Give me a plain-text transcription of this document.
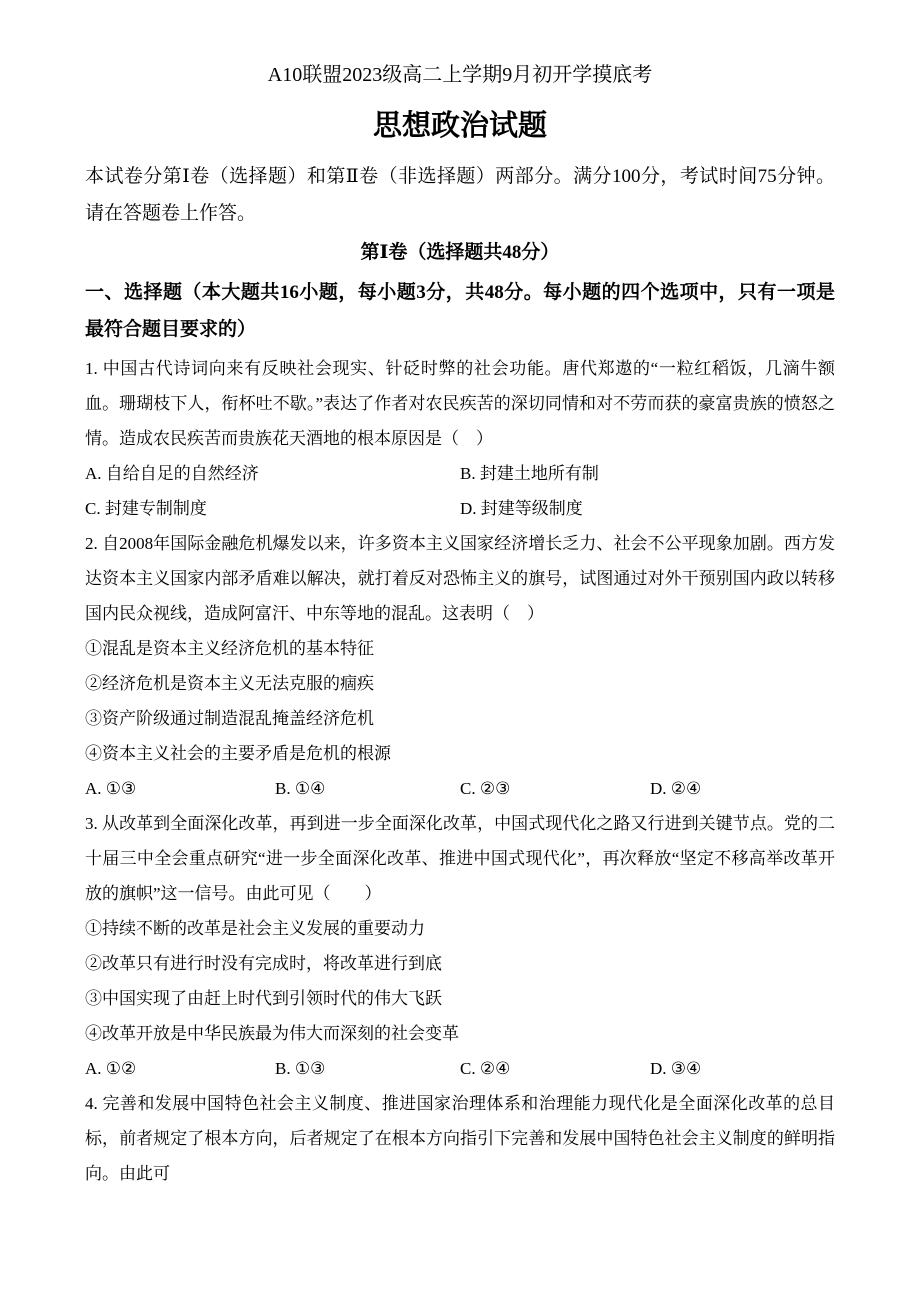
A10联盟2023级高二上学期9月初开学摸底考
思想政治试题

本试卷分第Ⅰ卷（选择题）和第Ⅱ卷（非选择题）两部分。满分100分，考试时间75分钟。请在答题卷上作答。

第Ⅰ卷（选择题共48分）

一、选择题（本大题共16小题，每小题3分，共48分。每小题的四个选项中，只有一项是最符合题目要求的）

1. 中国古代诗词向来有反映社会现实、针砭时弊的社会功能。唐代郑遨的“一粒红稻饭，几滴牛额血。珊瑚枝下人，衔杯吐不歇。”表达了作者对农民疾苦的深切同情和对不劳而获的豪富贵族的愤怒之情。造成农民疾苦而贵族花天酒地的根本原因是（　）

A. 自给自足的自然经济	B. 封建土地所有制
C. 封建专制制度	D. 封建等级制度

2. 自2008年国际金融危机爆发以来，许多资本主义国家经济增长乏力、社会不公平现象加剧。西方发达资本主义国家内部矛盾难以解决，就打着反对恐怖主义的旗号，试图通过对外干预别国内政以转移国内民众视线，造成阿富汗、中东等地的混乱。这表明（　）

①混乱是资本主义经济危机的基本特征
②经济危机是资本主义无法克服的痼疾
③资产阶级通过制造混乱掩盖经济危机
④资本主义社会的主要矛盾是危机的根源
A. ①③	B. ①④	C. ②③	D. ②④

3. 从改革到全面深化改革，再到进一步全面深化改革，中国式现代化之路又行进到关键节点。党的二十届三中全会重点研究“进一步全面深化改革、推进中国式现代化”，再次释放“坚定不移高举改革开放的旗帜”这一信号。由此可见（　　）

①持续不断的改革是社会主义发展的重要动力
②改革只有进行时没有完成时，将改革进行到底
③中国实现了由赶上时代到引领时代的伟大飞跃
④改革开放是中华民族最为伟大而深刻的社会变革
A. ①②	B. ①③	C. ②④	D. ③④

4. 完善和发展中国特色社会主义制度、推进国家治理体系和治理能力现代化是全面深化改革的总目标，前者规定了根本方向，后者规定了在根本方向指引下完善和发展中国特色社会主义制度的鲜明指向。由此可
